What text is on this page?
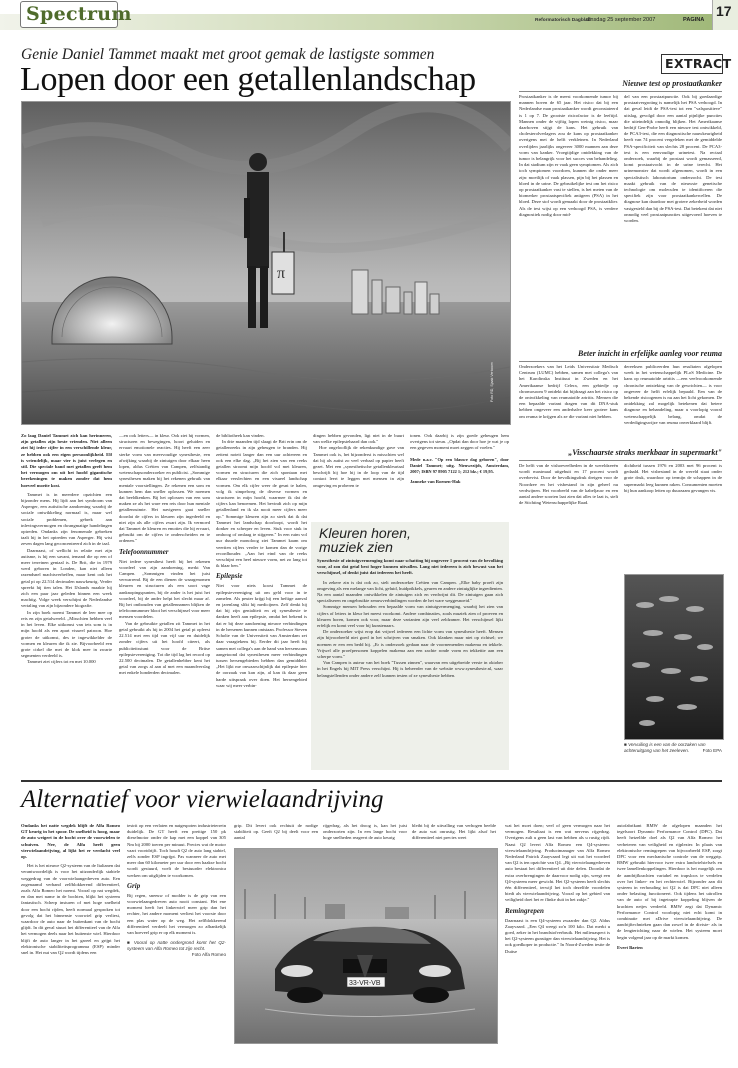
Spectrum	Reformatorisch Dagblad
dinsdag 25 september 2007	PAGINA
17
Genie Daniel Tammet maakt met groot gemak de lastigste sommen
Lopen door een getallenlandschap
π
Foto RD, Sjaak Verboom

Zo laag Daniel Tammet zich kan herinneren, zijn getallen zijn beste vrienden. Niet alleen ziet hij ieder cijfer in een verschillende kleur, ze hebben ook een eigen persoonlijkheid. Elf is vriendelijk, maar vier is juist verlegen en stil. Die speciale band met getallen geeft hem het vermogen om uit het hoofd gigantische berekeningen te maken zonder dat hem hoeveel moeite kost.

Tammet is in meerdere opzichten een bijzonder mens. Hij lijdt aan het syndroom van Asperger, een autistische aandoening waarbij de sociale ontwikkeling normaal is, maar wel sociale problemen, gebrek aan inlevingsvermogen en dwangmatige handelingen optreden. Ondanks zijn fenomenale gebreken taalt hij in het optreden van Asperger. Hij wist zeven dagen lang geconcentreerd zich in de taal.

Daarnaast, of wellicht in relatie met zijn autisme, is hij een savant, iemand die op een of meer terreinen geniaal is. De Brit, die in 1979 werd geboren in Londen, kan niet alleen razendsnel machtsverheffen, maar kent ook het getal pi op 22.514 decimalen nauwkeurig. Verder spreekt hij tien talen. Het IJslands maakte hij zich een paar jaar geleden binnen een week machtig. Volge week verschijnt de Nederlandse vertaling van zijn bijzondere biografie.

In zijn boek noemt Tammet de leer mee op reis en zijn getalwereld. „Misschien hebben veel in het leven. Elke uitkomst van iets som is in mijn hoofd als een apart visueel patroon. Hoe groter de uitkomst, des te ingewikkelder de vormen en kleuren die ik zie. Bijvoorbeeld een grote cirkel die met de klok mee in zwarte segmenten verdeeld is.

Tammet ziet cijfers tot en met 10.000

—en ook letters— in kleur. Ook ziet hij vormen, structuren en bewegingen, hoort geluiden en ervaart emotionele reacties. Hij heeft een zeer sterke vorm van meervoudige synesthesie, een afwijking waarbij de zintuigen door elkaar heen lopen, aldus Crétien van Campen, zelfstandig wetenschapsonderzoeker en publicist. „Sommige synesthesen maken bij het rekenen gebruik van mentale voorstellingen. Ze rekenen een som en kunnen hem dan sneller oplossen. We noemen dat beeldkenken. Bij het oplossen van een som maken ze als het ware een reis door hun mentale getallenruimte. Het navigeren gaat sneller doordat de cijfers in kleuren zijn ingedeeld en niet zijn als alle cijfers zwart zijn. Ik vermoed dat Tammet de kleuren en emoties die hij ervaart, gebruikt om de cijfers te onderscheiden en te ordenen."

Telefoonnummer

Niet iedere synesthest heeft bij het rekenen voordeel van zijn aandoening, merkt Van Campen. „Sommigen vinden het juist verwarrend. Bij de een dienen de waargenomen kleuren en structuren als een soort vage aanknopingspunten, bij de ander is het juist het voordeel, bij de ander helpt het slecht maar af. Bij het ontbouden van getallennamen blijken de telefoonnummer bloot het verschijnsel voor meer mensen voordelen.

Van de gebruikte getallen zit Tammet in het getal gebruikt als hij in 2004 het getal pi opleest 22.514 met een tijd van vijf uur en duidelijk zonder cijfers uit het hoofd citeert, als publiciteitsstunt voor de Britse epilepsievereniging. Tot die tijd lag het record op 22.500 decimalen. De getallenhebber kent het getal van zorgs al aan al met een maandverslag met enkele honderden decimalen.

de bibliotheek kan vinden.

In drie maanden tijd slaagt de Brit erin om de getallenreeks in zijn geheugen te branden. Hij zettent noteit langer dan een uur achtereen en ook een elke dag. „Bij het zien van een reeks getallen stroomt mijn hoofd vol met kleuren, vormen en structuren die zich spontaan met elkaar verslechten en een visueel landschap vormen. Om elk cijfer weer de gesnt te halen, volg ik simpelweg de diverse vormen en structuren in mijn hoofd, waarmee ik dat de cijfers kan benoemen. Het bevindt zich op mijn getallenland en ik sla nooit meer cijfers meer op." Sommige kleuren zijn zo sterk dat ik dat Tammet het landschap doorloopt, wordt het donker en scherper en leven. Stuk voor stuk in omhoog of omlaag te stijgeren." In een ruim vol uur duurde monoloog ziet Tammet kaam om veertien cijfers verder te komen dan de vorige recordhouder. „Aan het eind van de reeks verschijnt een heel nieuwe vorm, net zo lang tot ik blaar ben."

Epilepsie

Niet voor niets koost Tammet de epilepsievereniging uit om geld voor in te zamelen. Als peuter krijgt hij een heftige aanval en jarenlang slikt hij medicijnen. Zelf denkt hij dat hij zijn genialiteit en zij synesthesie te danken heeft aan epilepsie, omdat het bekend is dat er bij deze aandoening nieuwe verbindingen in de hersenen kunnen ontstaan. Professor Steven Scholte van de Universiteit van Amsterdam zet daar vraagtekens bij. Eerder dit jaar heeft hij samen met collega's aan de hand van hersenscans aangetoond dat synesthesen meer verbindingen tussen hersengebieden hebben dan gemiddeld. „Het lijkt me onwaarschijnlijk dat epilepsie hier de oorzaak van kan zijn, al kan ik daar geen harde uitspraak over doen. Het hersengebied waar wij meer verbin-

dingen hebben gevonden, ligt niet in de buurt van welke epilepsiehaard dan ook."

Hoe ongelooflijk de rekenkundige gave van Tammet ook is, het bijzonderst is misschien wel dat hij als autist zo veel verbaal op papier heeft gezet. Met een „synesthetische getallenkleurtaal beschrijft hij hoe hij in de loop van de tijd contact leert te leggen met mensen in zijn omgeving en proberen te

tonen. Ook daarbij is zijn goede geheugen hem overigens tot steun. „Opdat dan door hoe je wat je op een gegeven moment moet zeggen of voelen."

Mede n.a.v. "Op een blauwe dag geboren", door Daniel Tammet; uitg. Nieuwezijds, Amsterdam, 2007; ISBN 97 8905 7122 1; 212 blz.; € 19,95.

Janneke van Roenen-Hak

Kleuren horen, muziek zien

Synesthesie of zintuigvermenging komt naar schatting bij ongeveer 1 procent van de bevolking voor, al zou dat getal best hoger kunnen uitvallen. Lang niet iedereen is zich bewust van het verschijnsel, of denkt juist dat iedereen het heeft.

In zekere zin is dat ook zo, stelt onderzoeker Crétien van Campen. „Elke baby proeft zijn omgeving als een melange van licht, geluid, huidprikkels, geuren en andere zintuiglijke ingredienten. Na een aantal maanden ontwikkelen de zintuigen zich en verdwijnt dit. De zintuigen gaan zich specialiseren en ongebruikte zenuwverbindingen worden de het ware weggesnoeid."

Sommige mensen behouden een bepaalde vorm van zintuigvermenging, waarbij het zien van cijfers of letters in kleur het meest voorkomt. Andere combinaties, zoals muziek zien of proeven en kleuren horen, komen ook voor, maar deze varianten zijn veel zeldzamer. Het verschijnsel lijkt erfelijk en komt veel voor bij kunstenaars.

De onderzoeker wijst erop dat vrijwel iedereen een lichte vorm van synesthesie heeft. Mensen zijn bijvoorbeeld niet goed in het schrijven van smaken. Ook klanken maar niet op richtsel; we noemen er een een bedd hij. „Er is onderzoek gedaan naar de voornemenden makema en tekkele. Vrijwel alle proefpersonen koppelen makema aan een zachte ronde vorm en tekkettie aan een scherpe vorm."

Van Campen is auteur van het boek "Tussen zinnen", waarvan een uitgebreide versie in oktober in het Engels bij MIT Press verschijnt. Hij is beheerder van de website www.synesthesie.nl, waar belangstellenden onder andere zelf kunnen testen of ze synesthesie hebben.

EXTRACT
Nieuwe test op prostaatkanker
Prostaatkanker is de meest voorkomende tumor bij mannen boven de 65 jaar. Het risico dat bij een Nederlandse man prostaatkanker wordt geconstateerd is 1 op 7. De grootste risicofactor is de leeftijd. Mannen onder de vijftig lopen weinig risico, maar daarboven stijgt de kans. Het gebruik van cholesterolverlagers zou de kans op prostaatkanker overigens met de helft verkleinen. In Nederland overlijden jaarlijks ongeveer 3000 mannen aan deze vorm van kanker. Vroegtijdige ontdekking van de tumor is belangrijk voor het succes van behandeling. In dat stadium zijn er vaak geen symptomen. Als zich toch symptomen voordoen, kunnen die onder meer zijn: moeilijk of vaak plassen, pijn bij het plassen en bloed in de urine. De gebruikelijke test om het risico op prostaatkanker vast te stellen, is het meten van de biomerker prostaatspecifiek antigeen (PSA) in het bloed. Deze stof wordt gemaakt door de prostaatklier. Als de test wijst op een verhoogd PSA, is verdere diagnostiek nodig door mid-
del van een prostaatpunctie. Ook bij goedaardige prostaatvergroting is namelijk het PSA verhoogd. In dat geval leidt de PSA-test tot een "valspositieve" uitslag, gevolgd door een aantal pijnlijke puncties die uiteindelijk onnodig blijken. Het Amerikaanse bedrijf Gen-Probe heeft een nieuwe test ontwikkeld, de PCA3-test, die een diagnostische nauwkeurigheid heeft van 74 procent vergeleken met de gemiddelde PSA-specificiteit van slechts 28 procent. De PCA3-test is een eenvoudige urinetest. Na rectaal onderzoek, waarbij de prostaat wordt gemasseerd, komt prostaatvocht in de urine terecht. Het urinemonster dat wordt afgenomen, wordt in een specialistisch laboratorium onderzocht. De test maakt gebruik van de nieuwste genetische technologie om moleculen te identificeren die specifiek zijn voor prostaatkankercellen. De diagnose kan daardoor met grotere zekerheid worden vastgesteld dan bij de PSA-test. Dat betekent dat niet onnodig veel prostaatpuncties uitgevoerd hoeven te worden.
Beter inzicht in erfelijke aanleg voor reuma
Onderzoekers van het Leids Universitair Medisch Centrum (LUMC) hebben, samen met collega's van het Karolinska Instituut in Zweden en het Amerikaanse bedrijf Celera, een gebiedje op chromosoom 9 ontdekt dat bijdraagt aan het risico op de ontwikkeling van reumatoïde artritis. Mensen die een bepaalde variant dragen van dit DNA-stuk hebben ongeveer een anderhalve keer grotere kans om reuma te krijgen als ze die variant niet hebben.
dereeksen publiceerden hun resultaten afgelopen week in het wetenschappelijk PLoS Medicine. De kans op reumatoïde artritis —een veelvoorkomende chronische ontsteking van de gewrichten— is voor ongeveer de helft erfelijk bepaald. Een van de bekende risicogenen is nu aan het licht gekomen. De ontdekking zal mogelijk betekenen dat betere diagnose en behandeling, maar u voorlopig vooral wetenschappelijk belang, omdat de verdedigingswijze van reuma onverklaard blijft.
„Visschaarste straks merkbaar in supermarkt"
De helft van de vishoeveelheden in de wereldzeeën wordt maximaal uitgebuit en 17 procent wordt overbevist. Door de bevolkingsdruk dreigen voor de Noordzee en het visbestand in zijn geheel nu verdwijnen. Het voorbeeld van de kabeljauw en een aantal andere soorten laat zien dat alles te laat is, stelt de Stichting Wetenschappelijke Raad.
dichtheid tussen 1976 en 2003 met 96 procent is gedaald. Het visbestand in de wereld staat onder grote druk, waardoor op termijn de schappen in de supermarkt leeg kunnen raken. Consumenten moeten bij hun aankoop letten op duurzaam gevangen vis.
■ Vervuiling is een van de oorzaken van achteruitgang van het zeeleven.	Foto EPA
Alternatief voor vierwielaandrijving

Ondanks het natte wegdek blijft de Alfa Romeo GT keurig in het spoor. De snelheid is hoog, maar de auto weigert in de bocht over de voorwielen te schuiven. Nee, de Alfa heeft geen vierwielaandrijving, al lijkt het er verdacht veel op.

Het is het nieuwe Q2-systeem van de Italianen dat verantwoordelijk is voor het uitzonderlijk stabiele weggedrag van de voorwielaangedreven auto. Een zogenaamd verband zelfblokkerend differentieel, zoals Alfa Romeo het noemt. Vooral op nat wegdek, en dan met name in de bochten, blijkt het systeem fantastisch. Scherp insturen of met hoge snelheid door een bocht rijden, heeft normaal gesproken tot gevolg dat het binnenste voorwiel grip verliest, waardoor de auto naar de buitenkant van de bocht glijdt. In dit geval stuurt het differentieel van de Alfa het vermogen deels naar het buitenste wiel. Hierdoor blijft de auto langer in het gareel en grijpt het elektronische stabiliteitsprogramma (ESP) minder snel in. Het nut van Q2 wordt tijdens een

testrit op een verlaten en natgespoten industrieterrein duidelijk. De GT heeft een prettige 150 pk dieselmotor onder de kap met een koppel van 305 Nm bij 2000 toeren per minuut. Precies wat de motor vaart voortdrijft. Toch houdt Q2 de auto lang stabiel, zelfs zonder ESP ingrijpt. Pas wanneer de auto met meer dan 60 kilometer per uur door een haakse bocht wordt gestuurd, voelt de bestuurder elektronica werken om uitglijden te voorkomen.

Grip

Bij regen, sneeuw of modder is de grip van een voorwielaangedreven auto nooit constant. Het ene moment heeft het linkerwiel meer grip dan het rechter, het andere moment verliest het voorste door een plas water op de weg. Het zelfblokkerend differentieel verdeelt het vermogen zo afhankelijk van hoeveel grip er op elk moment is.

■ Vooral op natte ondergrond komt het Q2-systeem van Alfa Romeo tot zijn recht.
Foto Alfa Romeo
grip. Dit levert ook rechtuit de nodige stabiliteit op. Geeft Q2 bij deelt voor een aantal
rijgedrag, als het droog is, kan het juist onderzorten zijn. In een lange bocht voor hoge snelheden reageert de auto keurig
bleibt bij de uitvalling van verhogen beelde de auto wat onrustig. Het lijkt alsof het differentieel niet precies weet
33-VR-VB

wat het moet doen; veel of geen vermogen naar het vermogen. Resultaat is een wat nerveus rijgedrag. Overigens zult u geen last van hebben als u rustig rijdt. Naast Q2 levert Alfa Romeo een Q4-systeem: vierwielaandrijving. Productmanager van Alfa Romeo Nederland Patrick Zaayvaard legt uit wat het voordeel van Q2 is ten opzichte van Q4. „Bij vierwielaangedreven auto bestaat het differentieel uit drie delen. Doordat de extra overbrengingen de daarvoor nodig zijn, weegt een Q4-systeem meer gewicht. Het Q2-systeem heeft slechts één differentieel, terwijl het toch dezelfde voordelen biedt als vierwielaandrijving. Vooral op het gebied van veiligheid doet het er flinke duit in het zakje."

Remingrepen

Daarnaast is een Q4-systeem zwaarder dan Q2. Aldus Zaayvaard. „Een Q4 weegt zo'n 100 kilo. Dat merkt u goed, zeker in het brandstofverbruik. Het milieuaspect is het Q2-systeem gunstiger dan vierwielaandrijving. Het is ook goedkoper in productie." In Noord-Zweden testte de Duitse

autofabrikant BMW de afgelopen maanden het tegelsoort Dynamic Performance Control (DPC). Dat heeft hetzelfde doel als Q2 van Alfa Romeo: het verbeteren van veiligheid en rijplezier. In plaats van elektronische remingrepen van bijvoorbeeld ESP, zorgt DPC voor een mechanische controle van de weggrip. BMW gebruikt hiervoor twee extra landwielstelsels en twee lamellenkoppelingen. Hierdoor is het mogelijk om de aandrijfkrachten variabel en trapsloos te verdelen over het linker- en het rechterwiel. Bijzonder aan dit systeem in verhouding tot Q2 is dat DPC niet alleen onder belasting functioneert. Ook tijdens het uitrollen van de auto of bij ingetrapte koppeling blijven de krachten netjes verdeeld. BMW zegt dat Dynamic Performance Control voorlopig niet echt komt in combinatie met xDrive vierwielaandrijving. De aandrijftechnieken gaan dan zowel in de divisie- als in de lengterichting naar de wielen. Het systeem moet begin volgend jaar op de markt komen.

Evert Barten
